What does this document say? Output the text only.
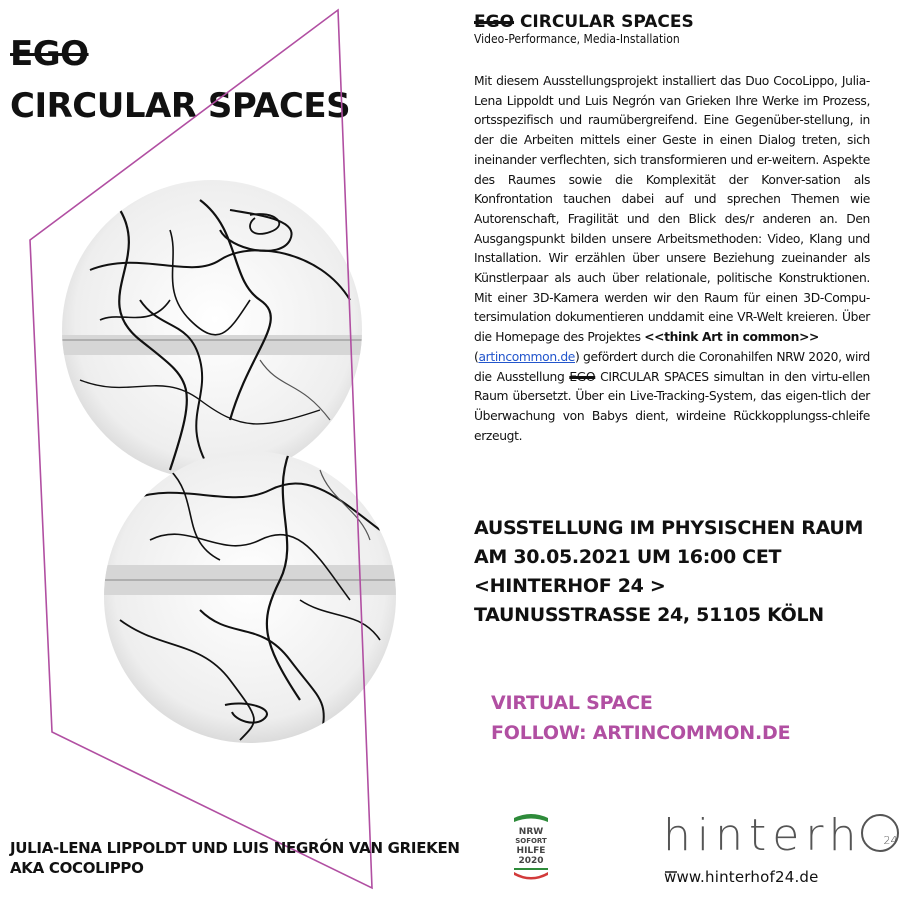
EGO
CIRCULAR SPACES
EGO CIRCULAR SPACES
Video-Performance, Media-Installation
Mit diesem Ausstellungsprojekt installiert das Duo CocoLippo, Julia-Lena Lippoldt und Luis Negrón van Grieken Ihre Werke im Prozess, ortsspezifisch und raumübergreifend. Eine Gegenüber-stellung, in der die Arbeiten mittels einer Geste in einen Dialog treten, sich ineinander verflechten, sich transformieren und er-weitern. Aspekte des Raumes sowie die Komplexität der Konver-sation als Konfrontation tauchen dabei auf und sprechen Themen wie Autorenschaft, Fragilität und den Blick des/r anderen an. Den Ausgangspunkt bilden unsere Arbeitsmethoden: Video, Klang und Installation. Wir erzählen über unsere Beziehung zueinander als Künstlerpaar als auch über relationale, politische Konstruktionen. Mit einer 3D-Kamera werden wir den Raum für einen 3D-Compu-tersimulation dokumentieren unddamit eine VR-Welt kreieren. Über die Homepage des Projektes <<think Art in common>>
(artincommon.de) gefördert durch die Coronahilfen NRW 2020, wird die Ausstellung EGO CIRCULAR SPACES simultan in den virtu-ellen Raum übersetzt. Über ein Live-Tracking-System, das eigen-tlich der Überwachung von Babys dient, wirdeine Rückkopplungss-chleife erzeugt.
AUSSTELLUNG IM PHYSISCHEN RAUM
AM 30.05.2021 UM 16:00 CET
<HINTERHOF 24 >
TAUNUSSTRASSE 24, 51105 KÖLN
VIRTUAL SPACE
FOLLOW: ARTINCOMMON.DE
JULIA-LENA LIPPOLDT UND LUIS NEGRÓN VAN GRIEKEN
AKA COCOLIPPO
NRW
SOFORT
HILFE
2020	hinterh 24
www.hinterhof24.de
